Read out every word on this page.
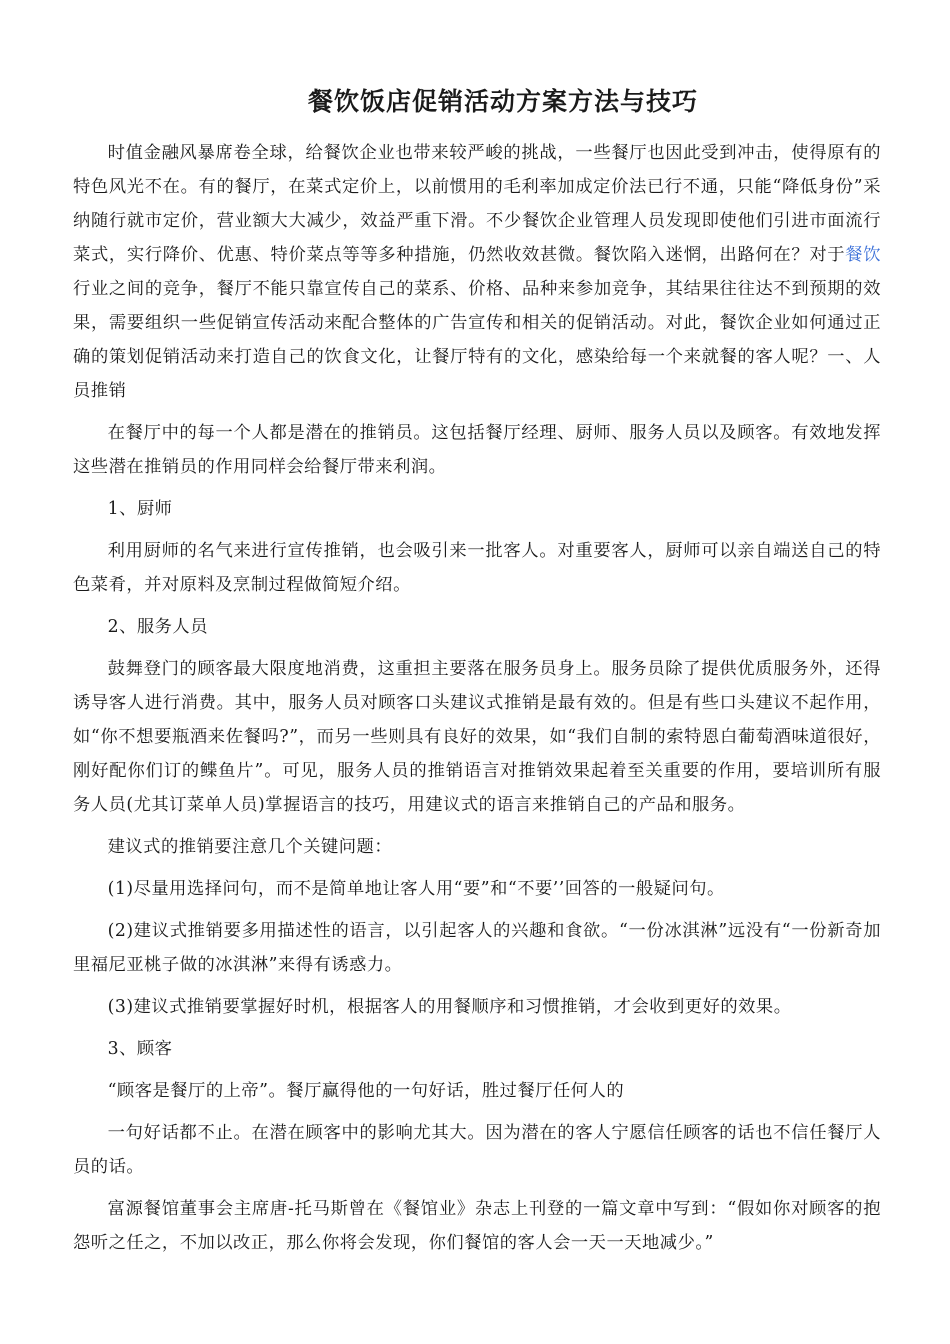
餐饮饭店促销活动方案方法与技巧

时值金融风暴席卷全球，给餐饮企业也带来较严峻的挑战，一些餐厅也因此受到冲击，使得原有的特色风光不在。有的餐厅，在菜式定价上，以前惯用的毛利率加成定价法已行不通，只能“降低身份”采纳随行就市定价，营业额大大减少，效益严重下滑。不少餐饮企业管理人员发现即使他们引进市面流行菜式，实行降价、优惠、特价菜点等等多种措施，仍然收效甚微。餐饮陷入迷惘，出路何在？对于餐饮行业之间的竞争，餐厅不能只靠宣传自己的菜系、价格、品种来参加竞争，其结果往往达不到预期的效果，需要组织一些促销宣传活动来配合整体的广告宣传和相关的促销活动。对此，餐饮企业如何通过正确的策划促销活动来打造自己的饮食文化，让餐厅特有的文化，感染给每一个来就餐的客人呢？一、人员推销

在餐厅中的每一个人都是潜在的推销员。这包括餐厅经理、厨师、服务人员以及顾客。有效地发挥这些潜在推销员的作用同样会给餐厅带来利润。

1、厨师

利用厨师的名气来进行宣传推销，也会吸引来一批客人。对重要客人，厨师可以亲自端送自己的特色菜肴，并对原料及烹制过程做简短介绍。

2、服务人员

鼓舞登门的顾客最大限度地消费，这重担主要落在服务员身上。服务员除了提供优质服务外，还得诱导客人进行消费。其中，服务人员对顾客口头建议式推销是最有效的。但是有些口头建议不起作用，如“你不想要瓶酒来佐餐吗?”，而另一些则具有良好的效果，如“我们自制的索特恩白葡萄酒味道很好，刚好配你们订的鲽鱼片”。可见，服务人员的推销语言对推销效果起着至关重要的作用，要培训所有服务人员(尤其订菜单人员)掌握语言的技巧，用建议式的语言来推销自己的产品和服务。

建议式的推销要注意几个关键问题：

(1)尽量用选择问句，而不是简单地让客人用“要”和“不要’’回答的一般疑问句。

(2)建议式推销要多用描述性的语言，以引起客人的兴趣和食欲。“一份冰淇淋”远没有“一份新奇加里福尼亚桃子做的冰淇淋”来得有诱惑力。

(3)建议式推销要掌握好时机，根据客人的用餐顺序和习惯推销，才会收到更好的效果。

3、顾客

“顾客是餐厅的上帝”。餐厅赢得他的一句好话，胜过餐厅任何人的

一句好话都不止。在潜在顾客中的影响尤其大。因为潜在的客人宁愿信任顾客的话也不信任餐厅人员的话。

富源餐馆董事会主席唐-托马斯曾在《餐馆业》杂志上刊登的一篇文章中写到：“假如你对顾客的抱怨听之任之，不加以改正，那么你将会发现，你们餐馆的客人会一天一天地减少。”
